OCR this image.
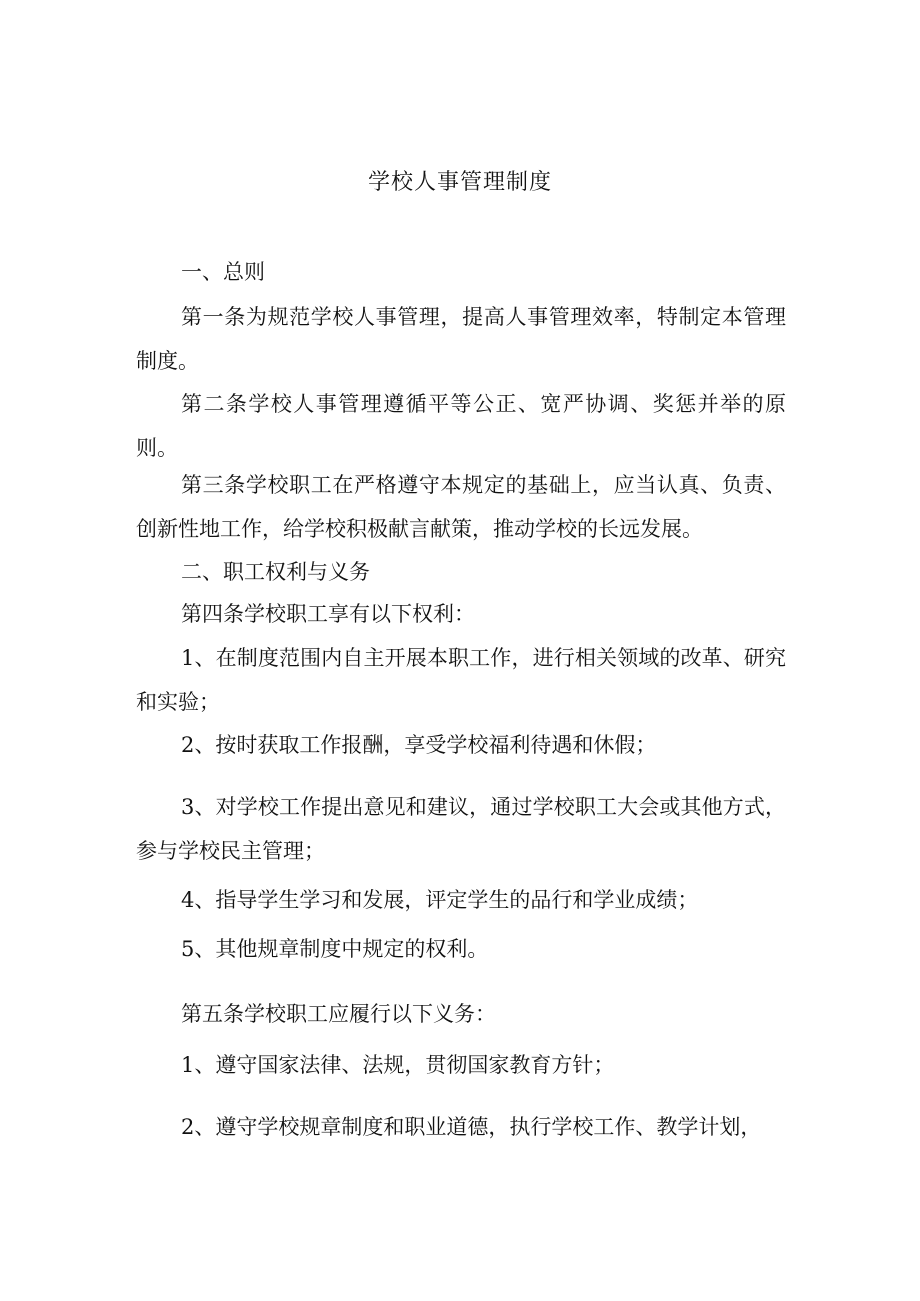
学校人事管理制度

一、总则

第一条为规范学校人事管理，提高人事管理效率，特制定本管理制度。

第二条学校人事管理遵循平等公正、宽严协调、奖惩并举的原则。

第三条学校职工在严格遵守本规定的基础上，应当认真、负责、创新性地工作，给学校积极献言献策，推动学校的长远发展。

二、职工权利与义务

第四条学校职工享有以下权利：

1、在制度范围内自主开展本职工作，进行相关领域的改革、研究和实验；

2、按时获取工作报酬，享受学校福利待遇和休假；

3、对学校工作提出意见和建议，通过学校职工大会或其他方式，参与学校民主管理；

4、指导学生学习和发展，评定学生的品行和学业成绩；

5、其他规章制度中规定的权利。

第五条学校职工应履行以下义务：

1、遵守国家法律、法规，贯彻国家教育方针；

2、遵守学校规章制度和职业道德，执行学校工作、教学计划，
